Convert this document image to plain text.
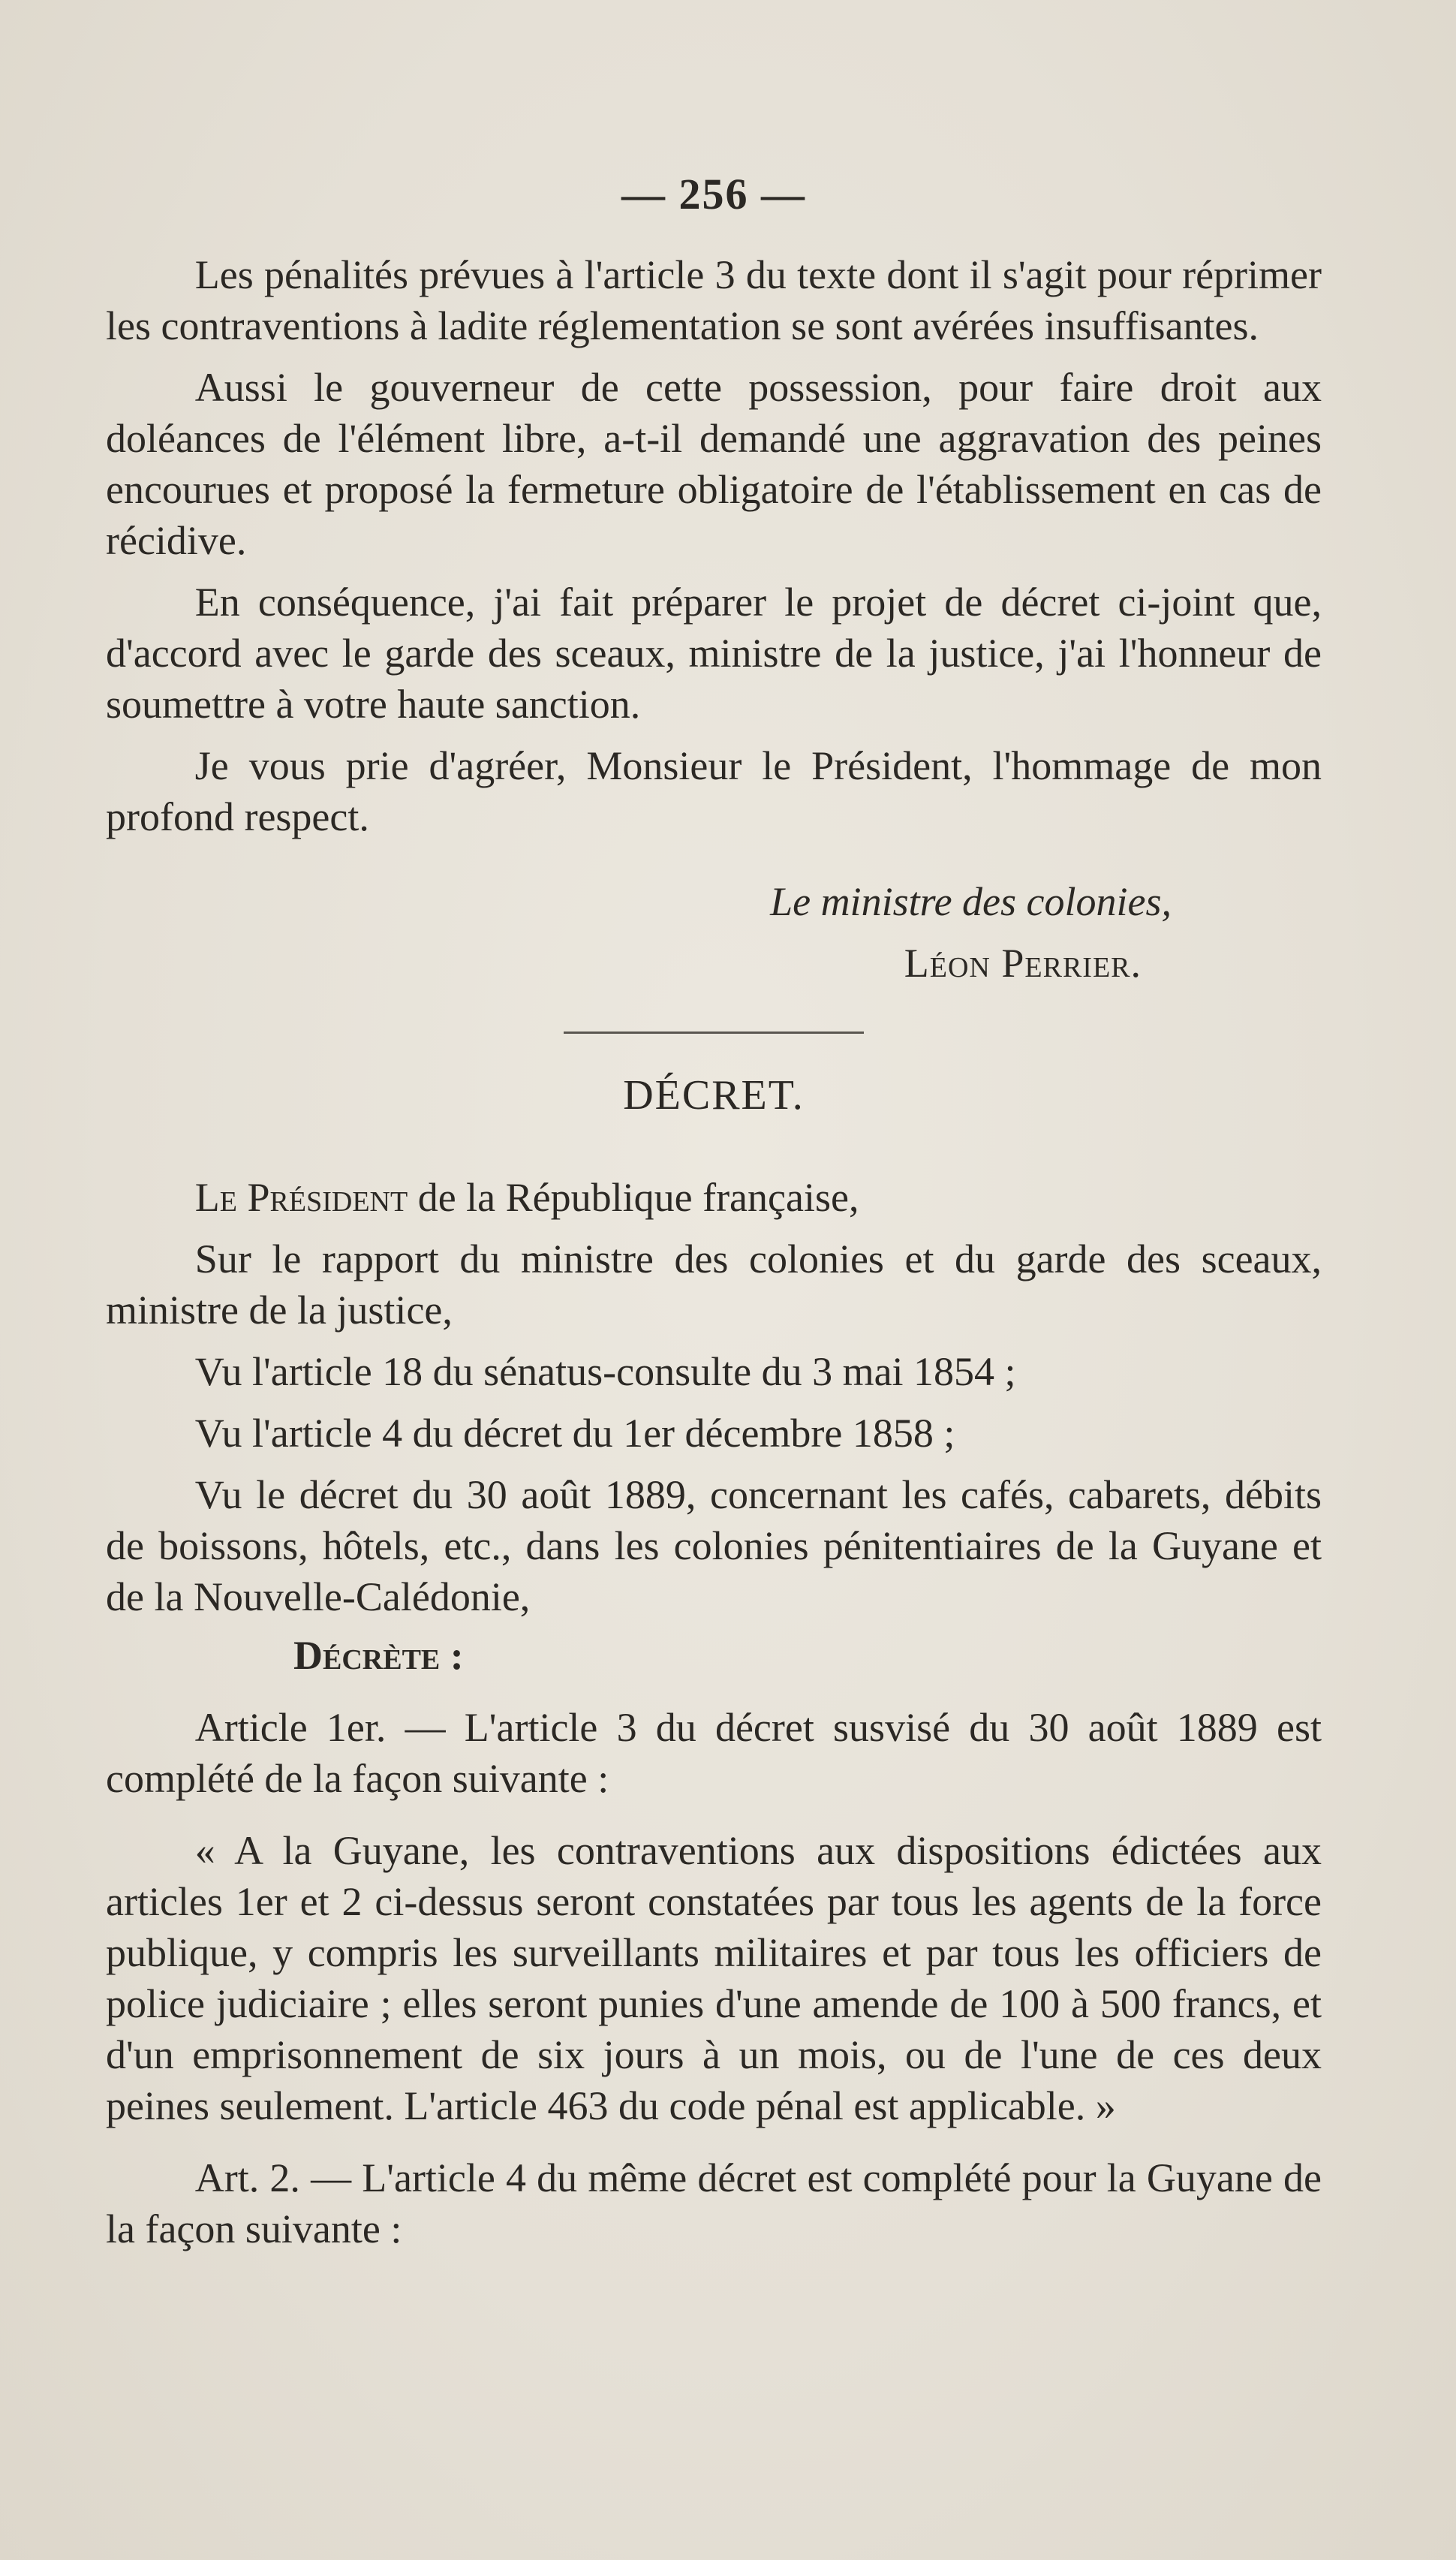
— 256 —

Les pénalités prévues à l'article 3 du texte dont il s'agit pour réprimer les contraventions à ladite réglementation se sont avérées insuffisantes.

Aussi le gouverneur de cette possession, pour faire droit aux doléances de l'élément libre, a-t-il demandé une aggravation des peines encourues et proposé la fermeture obligatoire de l'établissement en cas de récidive.

En conséquence, j'ai fait préparer le projet de décret ci-joint que, d'accord avec le garde des sceaux, ministre de la justice, j'ai l'honneur de soumettre à votre haute sanction.

Je vous prie d'agréer, Monsieur le Président, l'hommage de mon profond respect.

Le ministre des colonies,
Léon Perrier.
DÉCRET.

Le Président de la République française,

Sur le rapport du ministre des colonies et du garde des sceaux, ministre de la justice,

Vu l'article 18 du sénatus-consulte du 3 mai 1854 ;

Vu l'article 4 du décret du 1er décembre 1858 ;

Vu le décret du 30 août 1889, concernant les cafés, cabarets, débits de boissons, hôtels, etc., dans les colonies pénitentiaires de la Guyane et de la Nouvelle-Calédonie,

Décrète :

Article 1er. — L'article 3 du décret susvisé du 30 août 1889 est complété de la façon suivante :

« A la Guyane, les contraventions aux dispositions édictées aux articles 1er et 2 ci-dessus seront constatées par tous les agents de la force publique, y compris les surveillants militaires et par tous les officiers de police judiciaire ; elles seront punies d'une amende de 100 à 500 francs, et d'un emprisonnement de six jours à un mois, ou de l'une de ces deux peines seulement. L'article 463 du code pénal est applicable. »

Art. 2. — L'article 4 du même décret est complété pour la Guyane de la façon suivante :
